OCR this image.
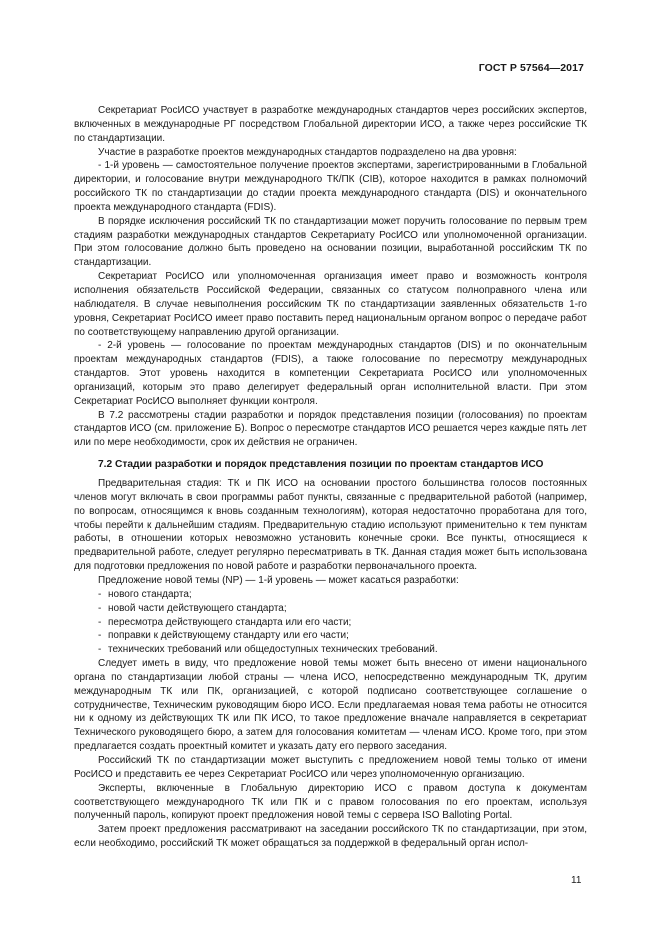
ГОСТ Р 57564—2017

Секретариат РосИСО участвует в разработке международных стандартов через российских экспертов, включенных в международные РГ посредством Глобальной директории ИСО, а также через российские ТК по стандартизации.

Участие в разработке проектов международных стандартов подразделено на два уровня:

- 1-й уровень — самостоятельное получение проектов экспертами, зарегистрированными в Глобальной директории, и голосование внутри международного ТК/ПК (CIB), которое находится в рамках полномочий российского ТК по стандартизации до стадии проекта международного стандарта (DIS) и окончательного проекта международного стандарта (FDIS).

В порядке исключения российский ТК по стандартизации может поручить голосование по первым трем стадиям разработки международных стандартов Секретариату РосИСО или уполномоченной организации. При этом голосование должно быть проведено на основании позиции, выработанной российским ТК по стандартизации.

Секретариат РосИСО или уполномоченная организация имеет право и возможность контроля исполнения обязательств Российской Федерации, связанных со статусом полноправного члена или наблюдателя. В случае невыполнения российским ТК по стандартизации заявленных обязательств 1-го уровня, Секретариат РосИСО имеет право поставить перед национальным органом вопрос о передаче работ по соответствующему направлению другой организации.

- 2-й уровень — голосование по проектам международных стандартов (DIS) и по окончательным проектам международных стандартов (FDIS), а также голосование по пересмотру международных стандартов. Этот уровень находится в компетенции Секретариата РосИСО или уполномоченных организаций, которым это право делегирует федеральный орган исполнительной власти. При этом Секретариат РосИСО выполняет функции контроля.

В 7.2 рассмотрены стадии разработки и порядок представления позиции (голосования) по проектам стандартов ИСО (см. приложение Б). Вопрос о пересмотре стандартов ИСО решается через каждые пять лет или по мере необходимости, срок их действия не ограничен.

7.2 Стадии разработки и порядок представления позиции по проектам стандартов ИСО

Предварительная стадия: ТК и ПК ИСО на основании простого большинства голосов постоянных членов могут включать в свои программы работ пункты, связанные с предварительной работой (например, по вопросам, относящимся к вновь созданным технологиям), которая недостаточно проработана для того, чтобы перейти к дальнейшим стадиям. Предварительную стадию используют применительно к тем пунктам работы, в отношении которых невозможно установить конечные сроки. Все пункты, относящиеся к предварительной работе, следует регулярно пересматривать в ТК. Данная стадия может быть использована для подготовки предложения по новой работе и разработки первоначального проекта.

Предложение новой темы (NP) — 1-й уровень — может касаться разработки:

- нового стандарта;

- новой части действующего стандарта;

- пересмотра действующего стандарта или его части;

- поправки к действующему стандарту или его части;

- технических требований или общедоступных технических требований.

Следует иметь в виду, что предложение новой темы может быть внесено от имени национального органа по стандартизации любой страны — члена ИСО, непосредственно международным ТК, другим международным ТК или ПК, организацией, с которой подписано соответствующее соглашение о сотрудничестве, Техническим руководящим бюро ИСО. Если предлагаемая новая тема работы не относится ни к одному из действующих ТК или ПК ИСО, то такое предложение вначале направляется в секретариат Технического руководящего бюро, а затем для голосования комитетам — членам ИСО. Кроме того, при этом предлагается создать проектный комитет и указать дату его первого заседания.

Российский ТК по стандартизации может выступить с предложением новой темы только от имени РосИСО и представить ее через Секретариат РосИСО или через уполномоченную организацию.

Эксперты, включенные в Глобальную директорию ИСО с правом доступа к документам соответствующего международного ТК или ПК и с правом голосования по его проектам, используя полученный пароль, копируют проект предложения новой темы с сервера ISO Balloting Portal.

Затем проект предложения рассматривают на заседании российского ТК по стандартизации, при этом, если необходимо, российский ТК может обращаться за поддержкой в федеральный орган испол-

11
